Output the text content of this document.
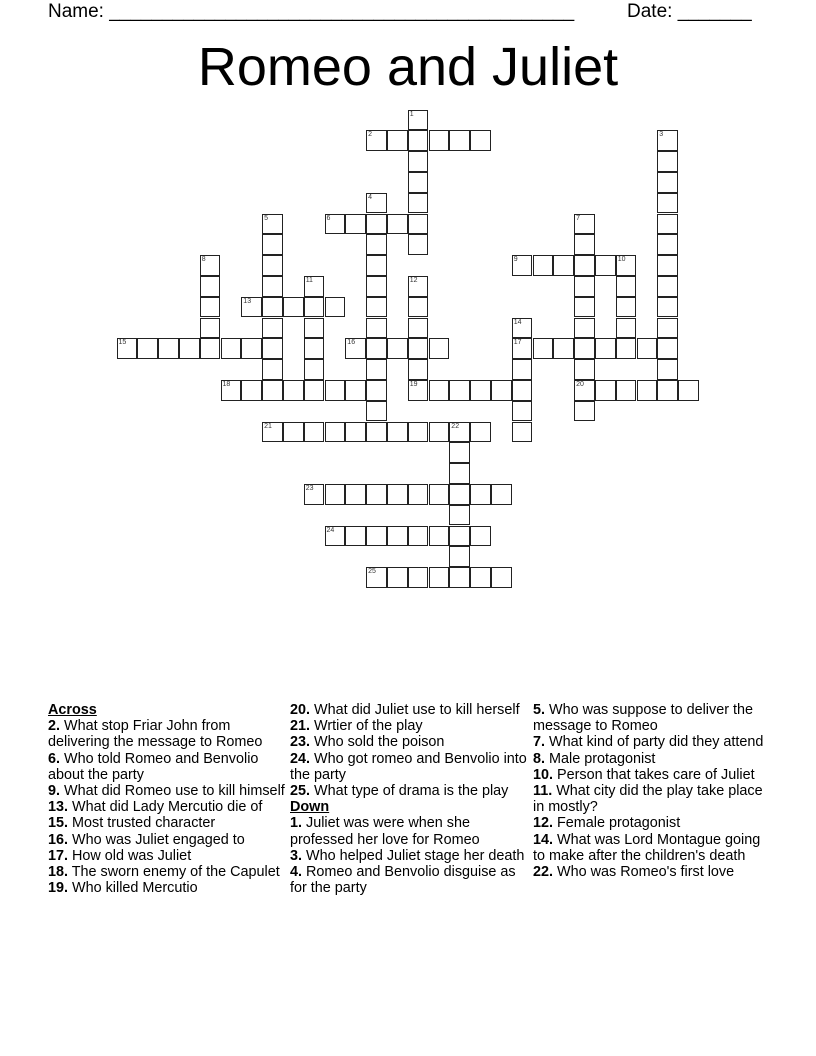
Name: ____________________________________________	Date: _______
Romeo and Juliet
1
2	3
4
5	6	7
20
8	9	10
11	12
19
13
14
17
15	16
18
21	22
23
24
25
Across
2. What stop Friar John from delivering the message to Romeo
6. Who told Romeo and Benvolio about the party
9. What did Romeo use to kill himself
13. What did Lady Mercutio die of
15. Most trusted character
16. Who was Juliet engaged to
17. How old was Juliet
18. The sworn enemy of the Capulet
19. Who killed Mercutio
20. What did Juliet use to kill herself
21. Wrtier of the play
23. Who sold the poison
24. Who got romeo and Benvolio into the party
25. What type of drama is the play
Down
1. Juliet was were when she professed her love for Romeo
3. Who helped Juliet stage her death
4. Romeo and Benvolio disguise as for the party
5. Who was suppose to deliver the message to Romeo
7. What kind of party did they attend
8. Male protagonist
10. Person that takes care of Juliet
11. What city did the play take place in mostly?
12. Female protagonist
14. What was Lord Montague going to make after the children's death
22. Who was Romeo's first love
